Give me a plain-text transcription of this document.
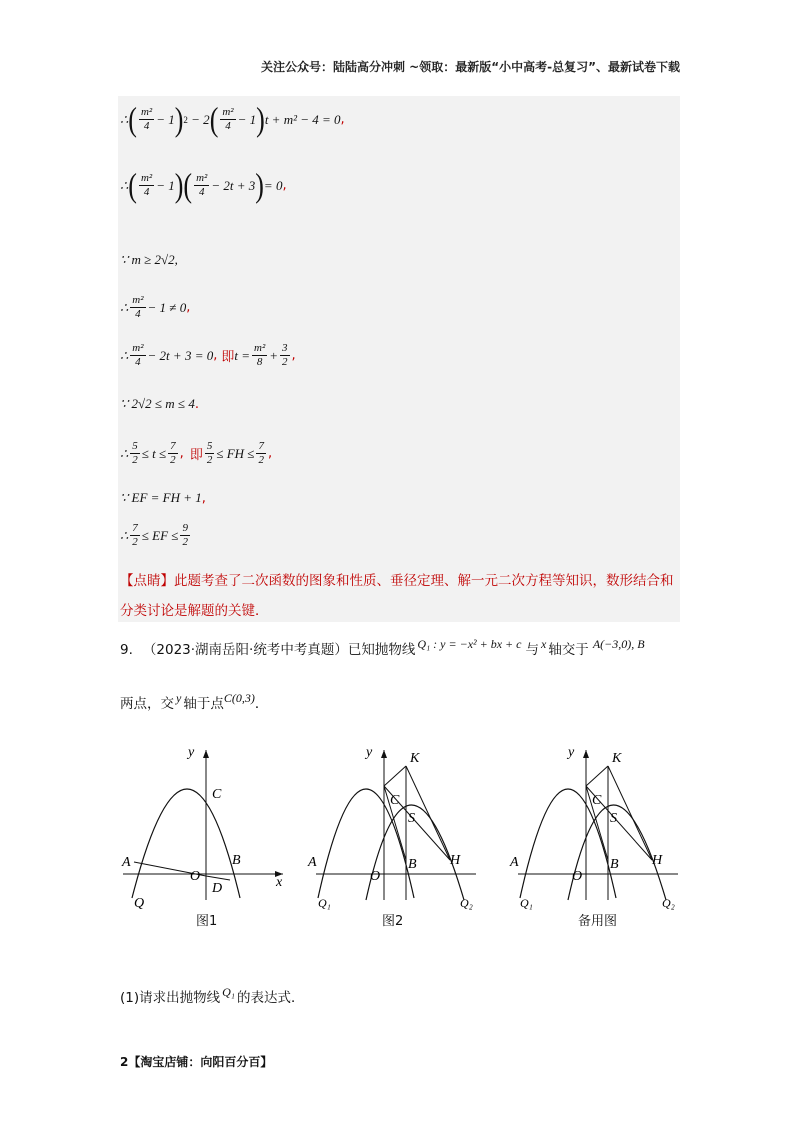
关注公众号：陆陆高分冲刺 ~领取：最新版“小中高考-总复习”、最新试卷下载
∴ ( $\frac{\text{m²}}{4} - 1$ ) 2 − 2 ( $\frac{\text{m²}}{4} - 1$ ) t + m² − 4 = 0 ,
∴ ( $\frac{\text{m²}}{4} - 1$ ) ( $\frac{\text{m²}}{4} - 2t + 3$ ) = 0 ,
∵ m ≥ 2√2,
∴ $\frac{\text{m²}}{4} - 1 \ne 0$ ,
∴ $\frac{\text{m²}}{4} - 2t + 3 = 0$ , 即 $t = \frac{\text{m²}}{8} + \frac{3}{2}$ ,
∵ 2√2 ≤ m ≤ 4 .
∴ $\frac{5}{2} \le t \le \frac{7}{2}$ , 即 $\frac{5}{2}$ ≤ FH ≤ $\frac{7}{2}$ ,
∵ EF = FH + 1 ,
∴ $\frac{7}{2}$ ≤ EF ≤ $\frac{9}{2}$
【点睛】此题考查了二次函数的图象和性质、垂径定理、解一元二次方程等知识，数形结合和分类讨论是解题的关键．
9. （2023·湖南岳阳·统考中考真题）已知抛物线 Q₁ : y = −x² + bx + c 与 x 轴交于 A(−3,0), B
两点，交 y 轴于点 C(0,3) ．
y
x
C
A	B
O
D
Q
图1
y	K
C
S
A	B H
O
Q₁	Q₂
图2
y	K
C
S
A	B H
O
Q₁	Q₂
备用图
(1)请求出抛物线 Q₁ 的表达式．
2【淘宝店铺：向阳百分百】
